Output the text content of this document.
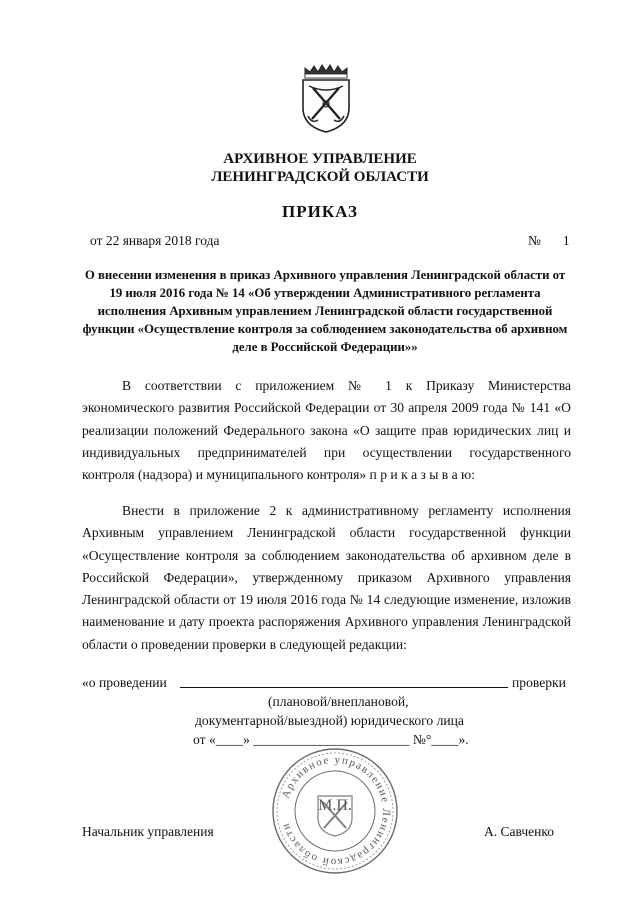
АРХИВНОЕ УПРАВЛЕНИЕ
ЛЕНИНГРАДСКОЙ ОБЛАСТИ
ПРИКАЗ
от 22 января 2018 года	№ 1
О внесении изменения в приказ Архивного управления Ленинградской области от
19 июля 2016 года № 14 «Об утверждении Административного регламента
исполнения Архивным управлением Ленинградской области государственной
функции «Осуществление контроля за соблюдением законодательства об архивном
деле в Российской Федерации»»
В соответствии с приложением № 1 к Приказу Министерства экономического развития Российской Федерации от 30 апреля 2009 года № 141 «О реализации положений Федерального закона «О защите прав юридических лиц и индивидуальных предпринимателей при осуществлении государственного контроля (надзора) и муниципального контроля» п р и к а з ы в а ю:
Внести в приложение 2 к административному регламенту исполнения Архивным управлением Ленинградской области государственной функции «Осуществление контроля за соблюдением законодательства об архивном деле в Российской Федерации», утвержденному приказом Архивного управления Ленинградской области от 19 июля 2016 года № 14 следующие изменение, изложив наименование и дату проекта распоряжения Архивного управления Ленинградской области о проведении проверки в следующей редакции:
«о проведении	проверки
(плановой/внеплановой,
документарной/выездной) юридического лица
от «____» _______________________ №°____».
Архивное управление Ленинградской области
М.П.
Начальник управления	А. Савченко
